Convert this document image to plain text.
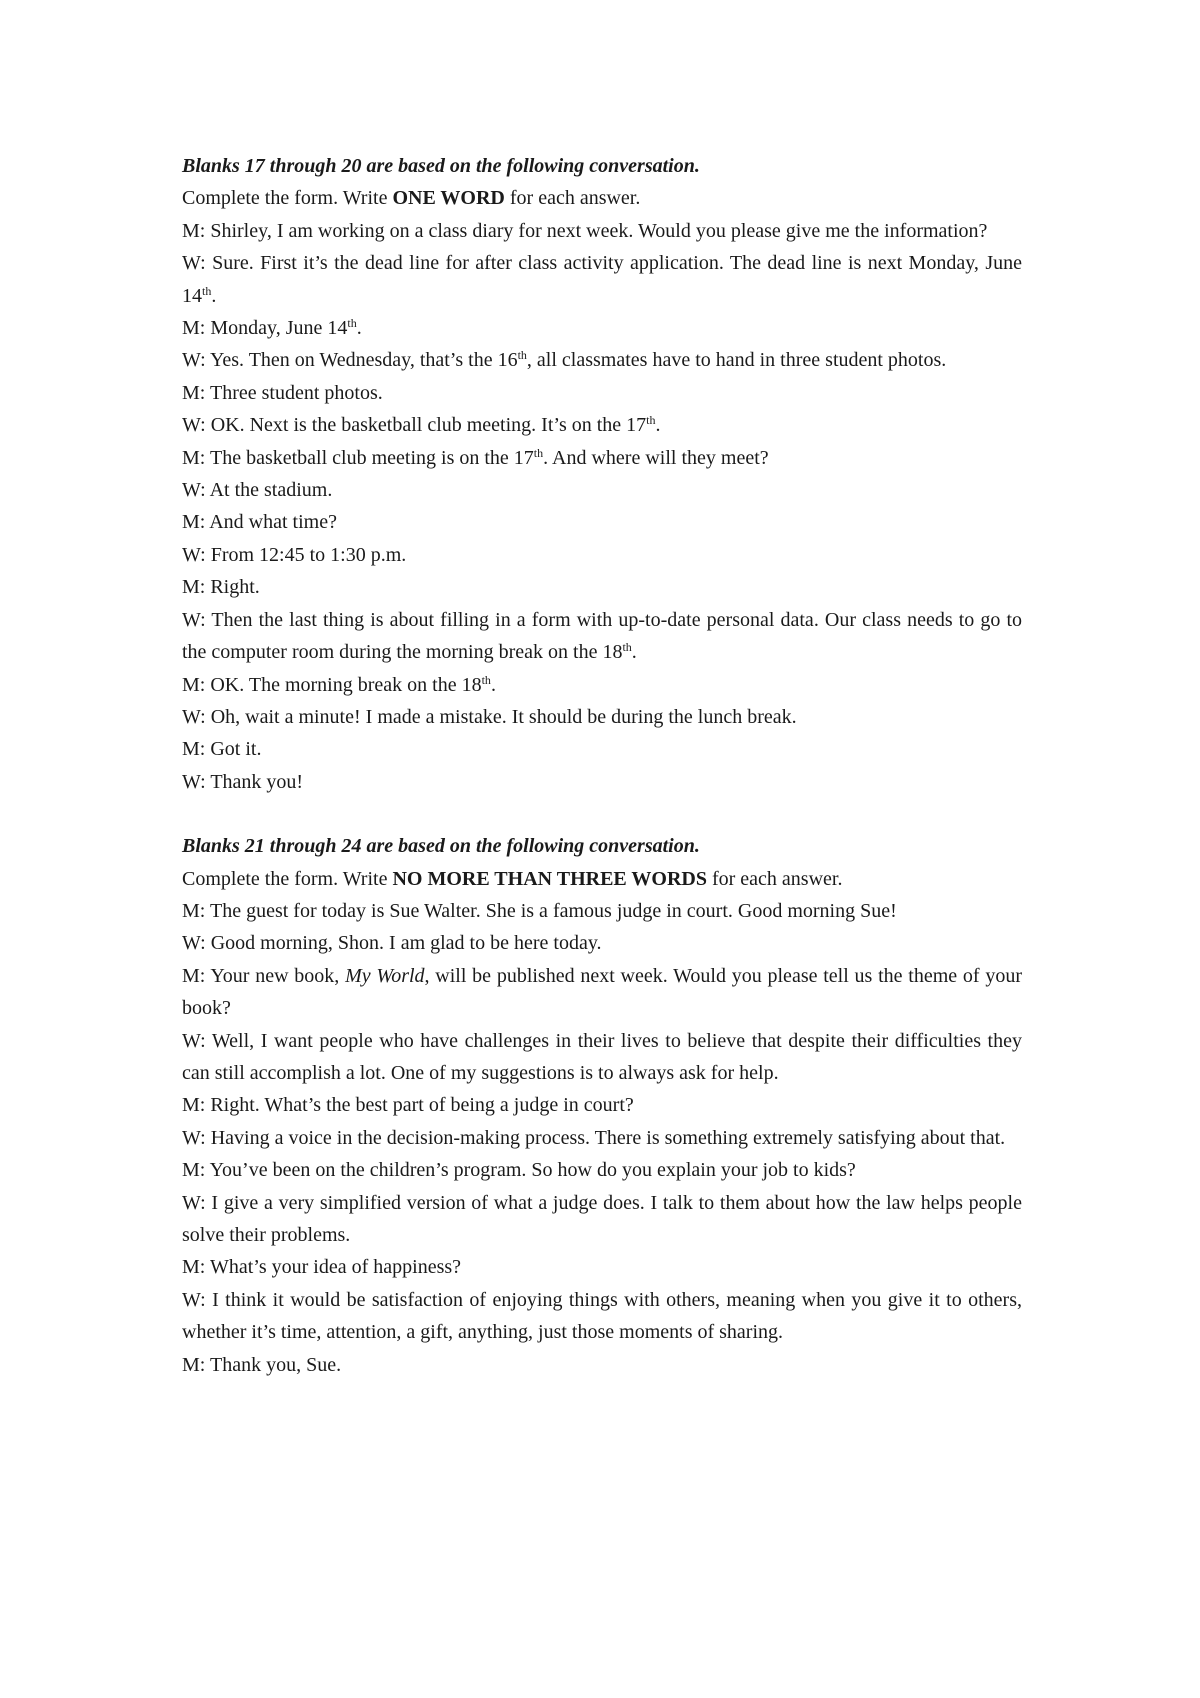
Blanks 17 through 20 are based on the following conversation.

Complete the form. Write ONE WORD for each answer.

M: Shirley, I am working on a class diary for next week. Would you please give me the information?

W: Sure. First it’s the dead line for after class activity application. The dead line is next Monday, June 14th.

M: Monday, June 14th.

W: Yes. Then on Wednesday, that’s the 16th, all classmates have to hand in three student photos.

M: Three student photos.

W: OK. Next is the basketball club meeting. It’s on the 17th.

M: The basketball club meeting is on the 17th. And where will they meet?

W: At the stadium.

M: And what time?

W: From 12:45 to 1:30 p.m.

M: Right.

W: Then the last thing is about filling in a form with up-to-date personal data. Our class needs to go to the computer room during the morning break on the 18th.

M: OK. The morning break on the 18th.

W: Oh, wait a minute! I made a mistake. It should be during the lunch break.

M: Got it.

W: Thank you!

Blanks 21 through 24 are based on the following conversation.

Complete the form. Write NO MORE THAN THREE WORDS for each answer.

M: The guest for today is Sue Walter. She is a famous judge in court. Good morning Sue!

W: Good morning, Shon. I am glad to be here today.

M: Your new book, My World, will be published next week. Would you please tell us the theme of your book?

W: Well, I want people who have challenges in their lives to believe that despite their difficulties they can still accomplish a lot. One of my suggestions is to always ask for help.

M: Right. What’s the best part of being a judge in court?

W: Having a voice in the decision-making process. There is something extremely satisfying about that.

M: You’ve been on the children’s program. So how do you explain your job to kids?

W: I give a very simplified version of what a judge does. I talk to them about how the law helps people solve their problems.

M: What’s your idea of happiness?

W: I think it would be satisfaction of enjoying things with others, meaning when you give it to others, whether it’s time, attention, a gift, anything, just those moments of sharing.

M: Thank you, Sue.
